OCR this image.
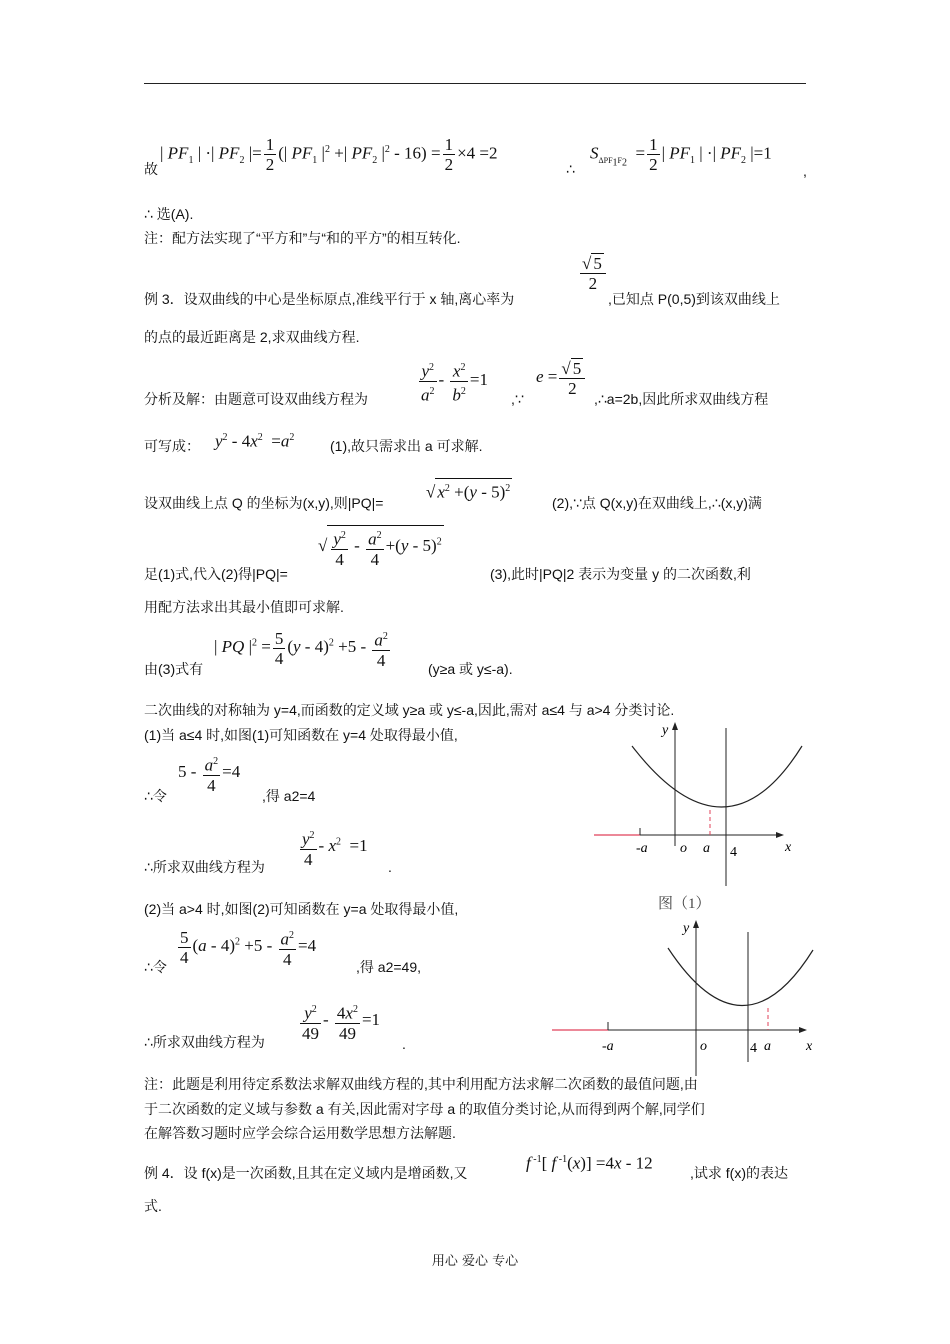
故
| $PF_1$ | ·| $PF_2$ |= $\frac{1}{2}$ (| $PF_1$ $|^2$ +| $PF_2$ $|^2 - 16) = \frac{1}{2} \times 4 =2$
∴
$S_{\Delta PF_1F_2} = \frac{1}{2}$ | $PF_1$ | ·| $PF_2$ |=1
,
∴ 选(A).
注：配方法实现了“平方和”与“和的平方”的相互转化.
例 3．设双曲线的中心是坐标原点,准线平行于 x 轴,离心率为
$\frac{√ 5}{2}$
,已知点 P(0,5)到该双曲线上
的点的最近距离是 2,求双曲线方程.
分析及解：由题意可设双曲线方程为	$\frac{y^2}{a^2} - \frac{x^2}{b^2} =1$
,∵
$e = \frac{√ 5}{2}$
,∴a=2b,因此所求双曲线方程
可写成： $y^2 - 4x^2 =a^2$
(1),故只需求出 a 可求解.
设双曲线上点 Q 的坐标为(x,y),则|PQ|=
√ $x^2 +(y - 5)^2$
(2),∵点 Q(x,y)在双曲线上,∴(x,y)满
足(1)式,代入(2)得|PQ|=
√ $\frac{y^2}{4} - \frac{a^2}{4} +(y - 5)^2$
(3),此时|PQ|2 表示为变量 y 的二次函数,利
用配方法求出其最小值即可求解.
由(3)式有
| PQ $|^2 = \frac{5}{4} (y - 4)^2 +5 - \frac{a^2}{4}$	(y≥a 或 y≤-a).
二次曲线的对称轴为 y=4,而函数的定义域 y≥a 或 y≤-a,因此,需对 a≤4 与 a>4 分类讨论.
(1)当 a≤4 时,如图(1)可知函数在 y=4 处取得最小值,
∴令
$5 - \frac{a^2}{4} =4$
,得 a2=4
∴所求双曲线方程为 $\frac{y^2}{4} - x^2 =1$
.
(2)当 a>4 时,如图(2)可知函数在 y=a 处取得最小值,
∴令
$\frac{5}{4} (a - 4)^2 +5 - \frac{a^2}{4} =4$
,得 a2=49,
∴所求双曲线方程为 $\frac{y^2}{49} - \frac{4x^2}{49} =1$
.
注：此题是利用待定系数法求解双曲线方程的,其中利用配方法求解二次函数的最值问题,由
于二次函数的定义域与参数 a 有关,因此需对字母 a 的取值分类讨论,从而得到两个解,同学们
在解答数习题时应学会综合运用数学思想方法解题.
例 4．设 f(x)是一次函数,且其在定义域内是增函数,又
f $^{-1}$[ f $^{-1}$(x)] =4x - 12
,试求 f(x)的表达
式.
y
x
-a o a 4
图（1）
y
x
-a	o	4 a
用心 爱心 专心
